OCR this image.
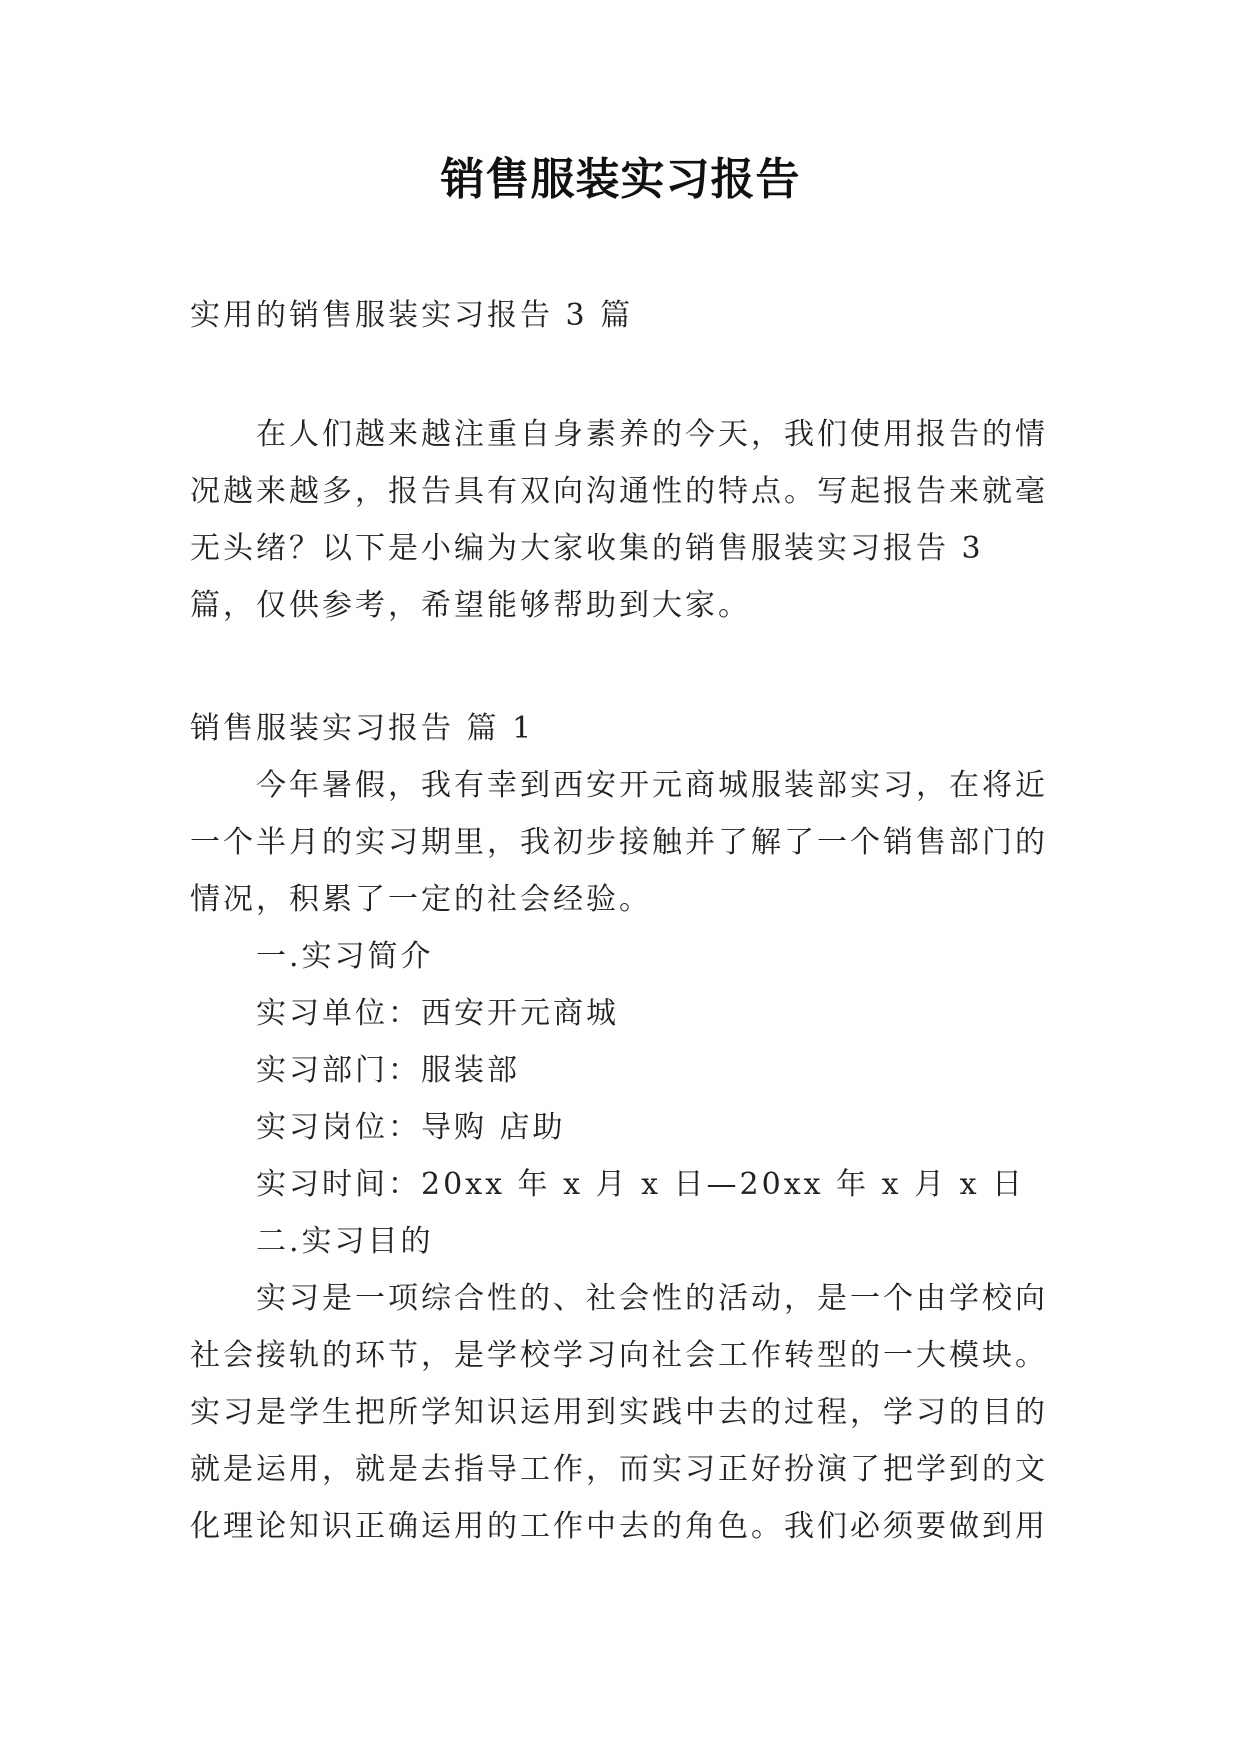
销售服装实习报告

实用的销售服装实习报告 3 篇

在人们越来越注重自身素养的今天，我们使用报告的情况越来越多，报告具有双向沟通性的特点。写起报告来就毫无头绪？以下是小编为大家收集的销售服装实习报告 3 篇，仅供参考，希望能够帮助到大家。

销售服装实习报告 篇 1

今年暑假，我有幸到西安开元商城服装部实习，在将近一个半月的实习期里，我初步接触并了解了一个销售部门的情况，积累了一定的社会经验。

一.实习简介

实习单位：西安开元商城

实习部门：服装部

实习岗位：导购 店助

实习时间：20xx 年 x 月 x 日—20xx 年 x 月 x 日

二.实习目的

实习是一项综合性的、社会性的活动，是一个由学校向社会接轨的环节，是学校学习向社会工作转型的一大模块。实习是学生把所学知识运用到实践中去的过程，学习的目的就是运用，就是去指导工作，而实习正好扮演了把学到的文化理论知识正确运用的工作中去的角色。我们必须要做到用
